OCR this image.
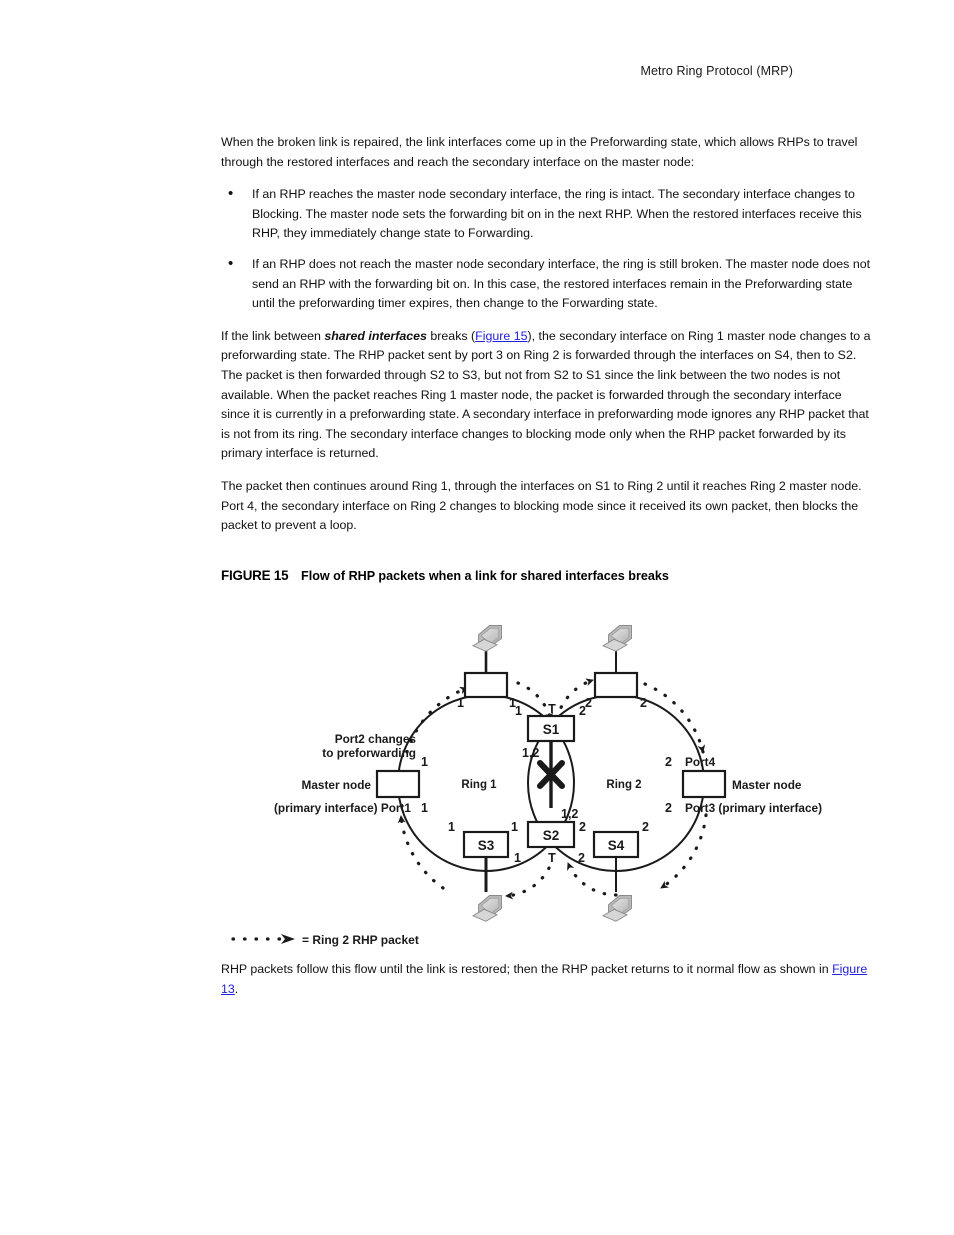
Metro Ring Protocol (MRP)

When the broken link is repaired, the link interfaces come up in the Preforwarding state, which allows RHPs to travel through the restored interfaces and reach the secondary interface on the master node:

• If an RHP reaches the master node secondary interface, the ring is intact. The secondary interface changes to Blocking. The master node sets the forwarding bit on in the next RHP. When the restored interfaces receive this RHP, they immediately change state to Forwarding.
• If an RHP does not reach the master node secondary interface, the ring is still broken. The master node does not send an RHP with the forwarding bit on. In this case, the restored interfaces remain in the Preforwarding state until the preforwarding timer expires, then change to the Forwarding state.

If the link between shared interfaces breaks (Figure 15), the secondary interface on Ring 1 master node changes to a preforwarding state. The RHP packet sent by port 3 on Ring 2 is forwarded through the interfaces on S4, then to S2. The packet is then forwarded through S2 to S3, but not from S2 to S1 since the link between the two nodes is not available. When the packet reaches Ring 1 master node, the packet is forwarded through the secondary interface since it is currently in a preforwarding state. A secondary interface in preforwarding mode ignores any RHP packet that is not from its ring. The secondary interface changes to blocking mode only when the RHP packet forwarded by its primary interface is returned.

The packet then continues around Ring 1, through the interfaces on S1 to Ring 2 until it reaches Ring 2 master node. Port 4, the secondary interface on Ring 2 changes to blocking mode since it received its own packet, then blocks the packet to prevent a loop.

FIGURE 15 Flow of RHP packets when a link for shared interfaces breaks
S1
S2
S3	S4
Ring 1	Ring 2
1	1
1
1
1	1
1	2
1,2
1,2
1	2
2	2
2
2
2	2
T
T
Port2 changes
to preforwarding
Master node
(primary interface) Port1
Port4
Master node
Port3 (primary interface)
= Ring 2 RHP packet

RHP packets follow this flow until the link is restored; then the RHP packet returns to it normal flow as shown in Figure 13.
